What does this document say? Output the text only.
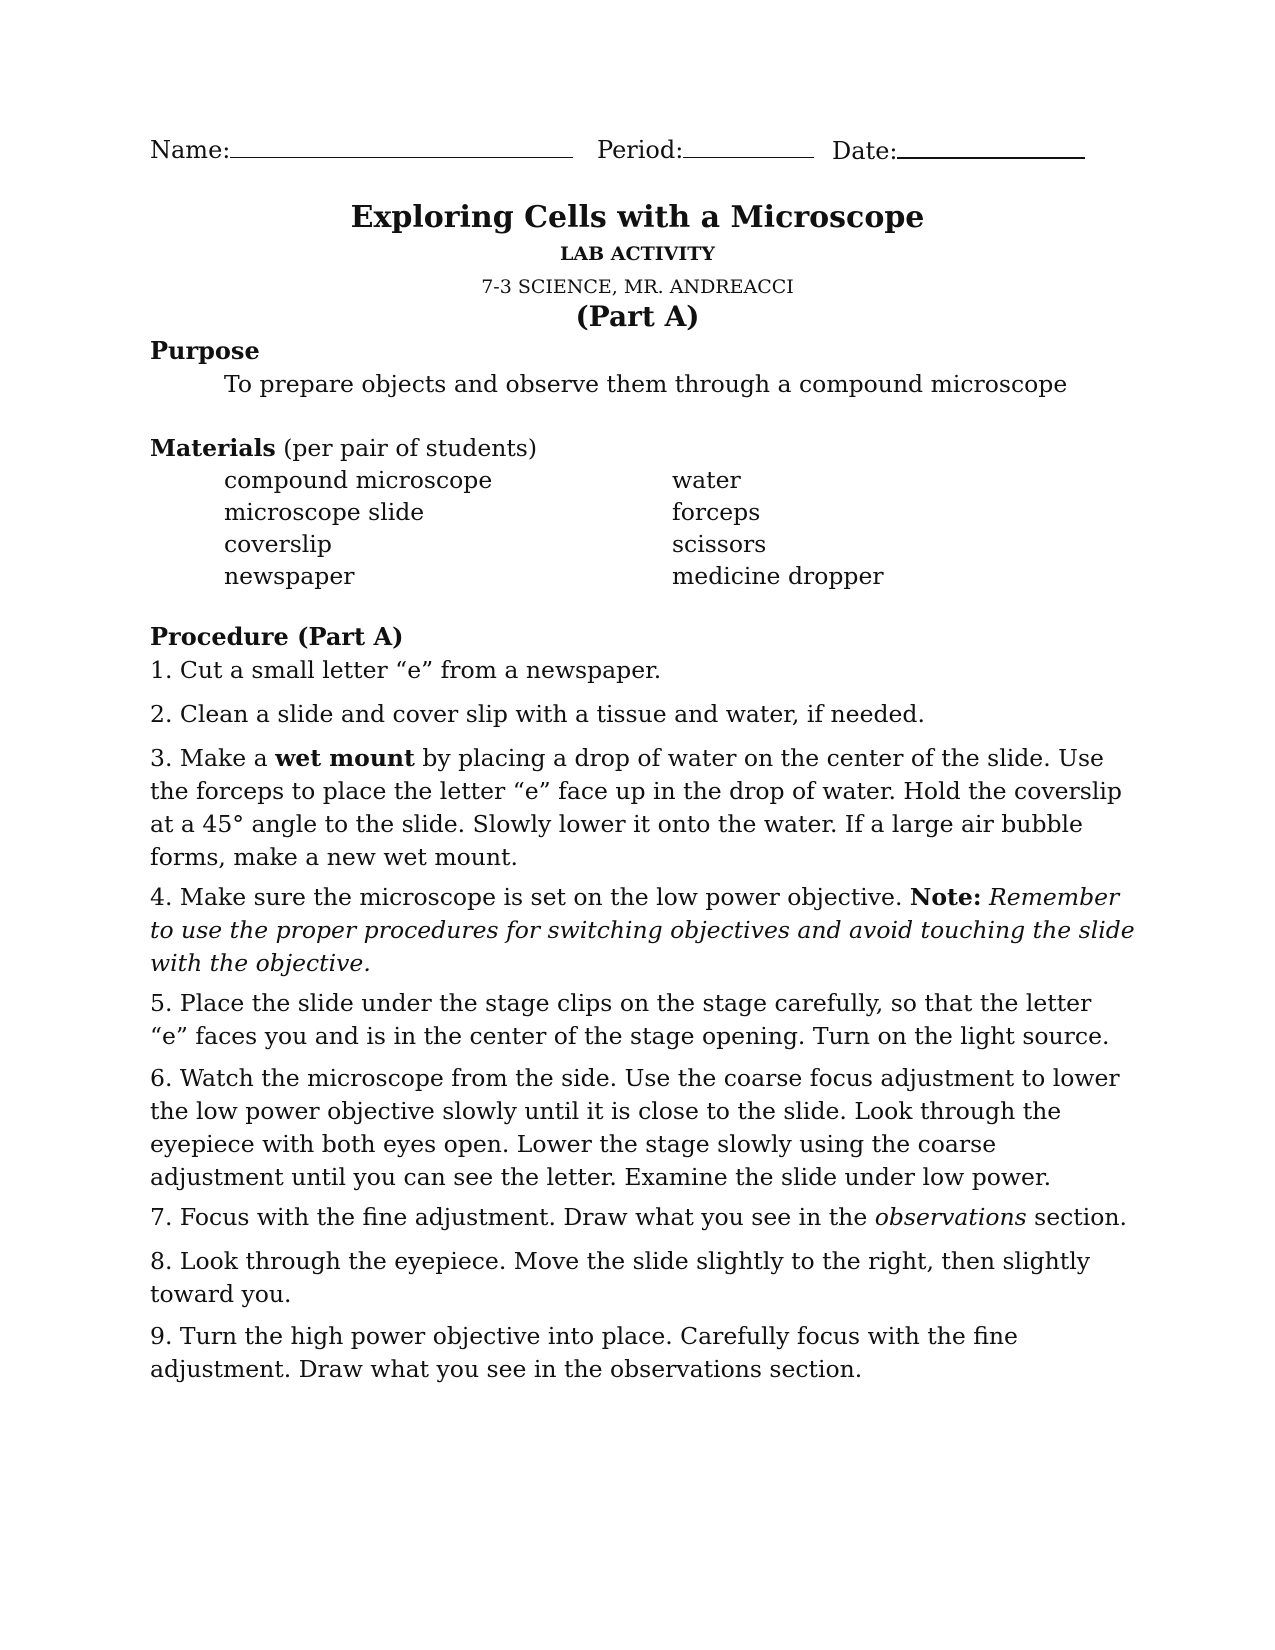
Name:	Period:	Date:
Exploring Cells with a Microscope
LAB ACTIVITY
7-3 SCIENCE, MR. ANDREACCI
(Part A)
Purpose
To prepare objects and observe them through a compound microscope
Materials (per pair of students)
compound microscope
microscope slide
coverslip
newspaper
water
forceps
scissors
medicine dropper
Procedure (Part A)
1. Cut a small letter “e” from a newspaper.
2. Clean a slide and cover slip with a tissue and water, if needed.
3. Make a wet mount by placing a drop of water on the center of the slide. Use the forceps to place the letter “e” face up in the drop of water. Hold the coverslip at a 45° angle to the slide. Slowly lower it onto the water. If a large air bubble forms, make a new wet mount.
4. Make sure the microscope is set on the low power objective. Note: Remember to use the proper procedures for switching objectives and avoid touching the slide with the objective.
5. Place the slide under the stage clips on the stage carefully, so that the letter “e” faces you and is in the center of the stage opening. Turn on the light source.
6. Watch the microscope from the side. Use the coarse focus adjustment to lower the low power objective slowly until it is close to the slide. Look through the eyepiece with both eyes open. Lower the stage slowly using the coarse adjustment until you can see the letter. Examine the slide under low power.
7. Focus with the fine adjustment. Draw what you see in the observations section.
8. Look through the eyepiece. Move the slide slightly to the right, then slightly toward you.
9. Turn the high power objective into place. Carefully focus with the fine adjustment. Draw what you see in the observations section.
